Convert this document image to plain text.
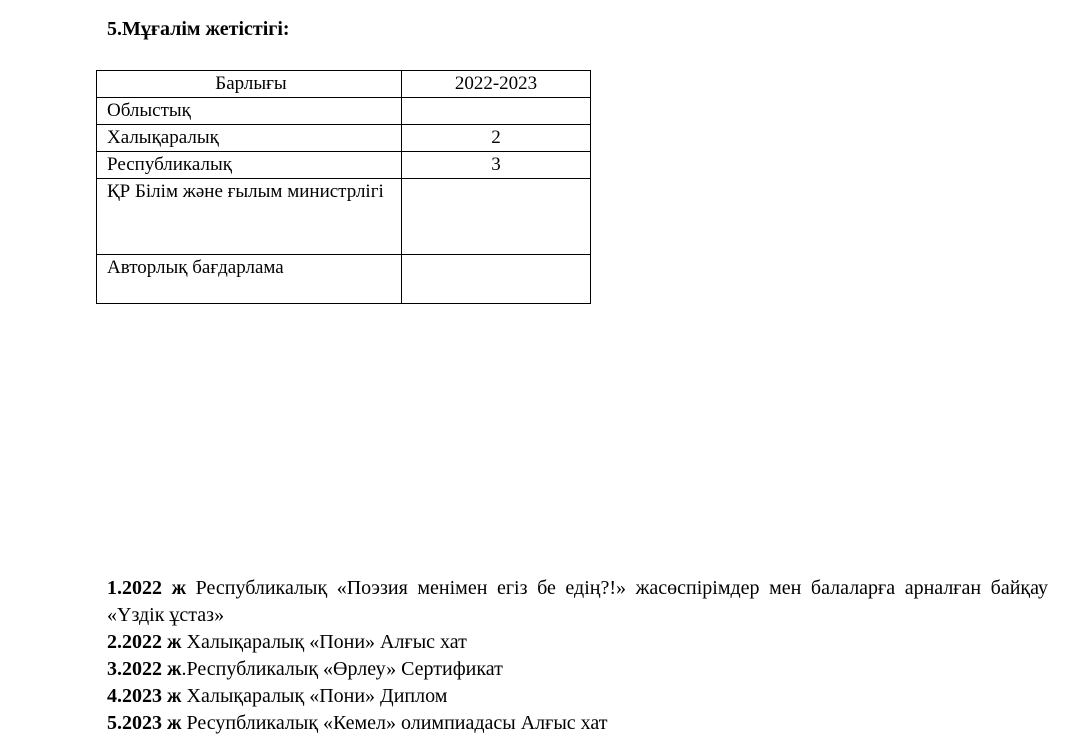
5.Мұғалім жетістігі:
Барлығы	2022-2023
Облыстық	
Халықаралық	2
Республикалық	3
ҚР Білім және ғылым министрлігі	
Авторлық бағдарлама	

1.2022 ж Республикалық «Поэзия менімен егіз бе едің?!» жасөспірімдер мен балаларға арналған байқау «Үздік ұстаз»

2.2022 ж Халықаралық «Пони» Алғыс хат

3.2022 ж.Республикалық «Өрлеу» Сертификат

4.2023 ж Халықаралық «Пони» Диплом

5.2023 ж Ресупбликалық «Кемел» олимпиадасы Алғыс хат
